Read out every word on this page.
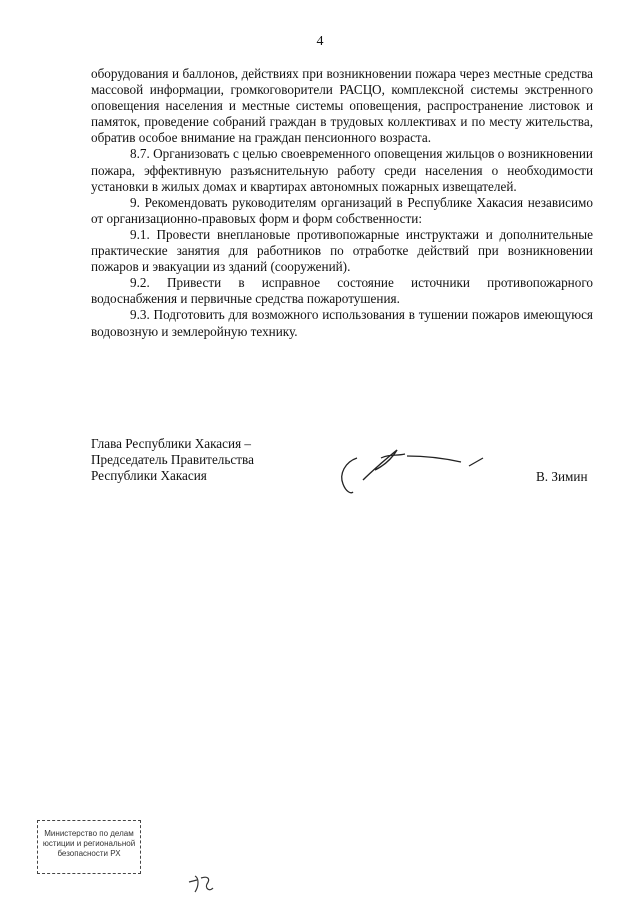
4

оборудования и баллонов, действиях при возникновении пожара через местные средства массовой информации, громкоговорители РАСЦО, комплексной системы экстренного оповещения населения и местные системы оповещения, распространение листовок и памяток, проведение собраний граждан в трудовых коллективах и по месту жительства, обратив особое внимание на граждан пенсионного возраста.

8.7. Организовать с целью своевременного оповещения жильцов о возникновении пожара, эффективную разъяснительную работу среди населения о необходимости установки в жилых домах и квартирах автономных пожарных извещателей.

9. Рекомендовать руководителям организаций в Республике Хакасия независимо от организационно-правовых форм и форм собственности:

9.1. Провести внеплановые противопожарные инструктажи и дополнительные практические занятия для работников по отработке действий при возникновении пожаров и эвакуации из зданий (сооружений).

9.2. Привести в исправное состояние источники противопожарного водоснабжения и первичные средства пожаротушения.

9.3. Подготовить для возможного использования в тушении пожаров имеющуюся водовозную и землеройную технику.

Глава Республики Хакасия –
Председатель Правительства
Республики Хакасия	В. Зимин
Министерство по делам
юстиции и региональной
безопасности РХ
